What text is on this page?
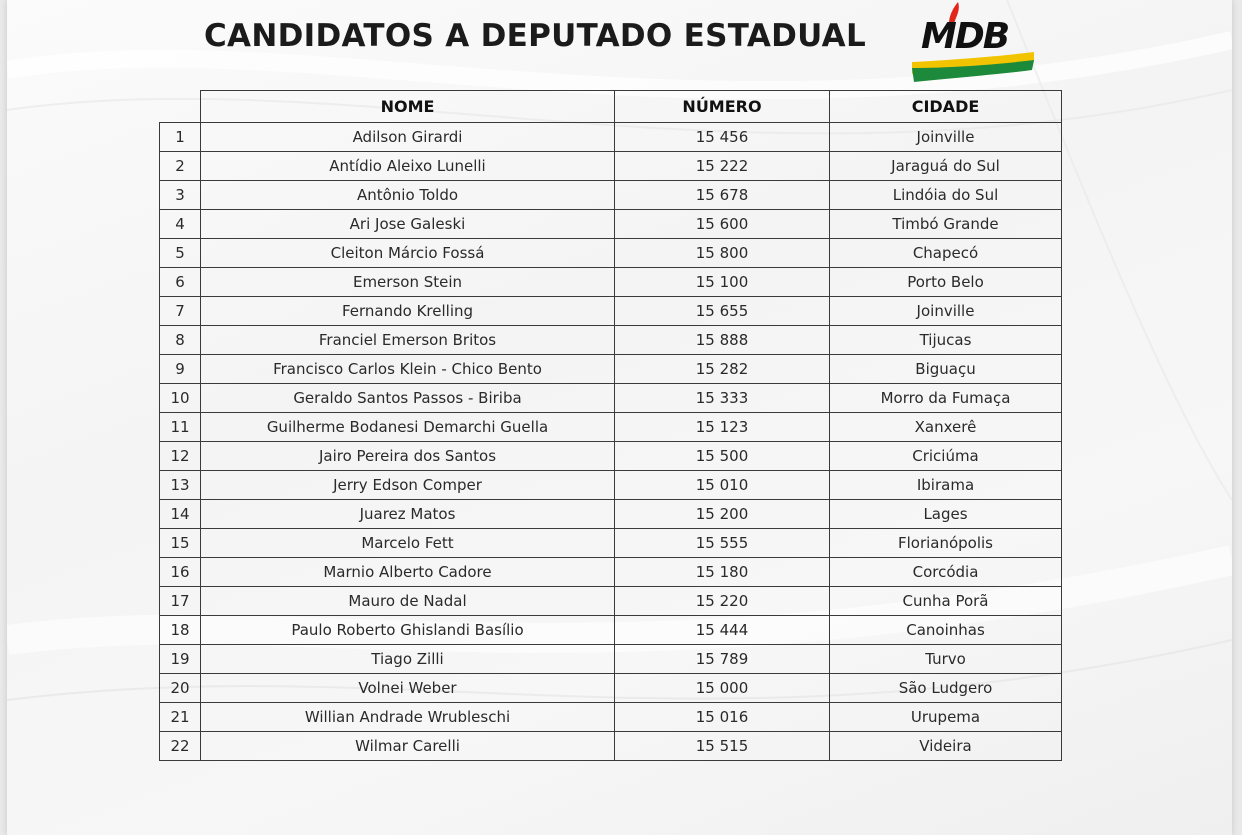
CANDIDATOS A DEPUTADO ESTADUAL MDB
	NOME	NÚMERO	CIDADE
1	Adilson Girardi	15 456	Joinville
2	Antídio Aleixo Lunelli	15 222	Jaraguá do Sul
3	Antônio Toldo	15 678	Lindóia do Sul
4	Ari Jose Galeski	15 600	Timbó Grande
5	Cleiton Márcio Fossá	15 800	Chapecó
6	Emerson Stein	15 100	Porto Belo
7	Fernando Krelling	15 655	Joinville
8	Franciel Emerson Britos	15 888	Tijucas
9	Francisco Carlos Klein - Chico Bento	15 282	Biguaçu
10	Geraldo Santos Passos - Biriba	15 333	Morro da Fumaça
11	Guilherme Bodanesi Demarchi Guella	15 123	Xanxerê
12	Jairo Pereira dos Santos	15 500	Criciúma
13	Jerry Edson Comper	15 010	Ibirama
14	Juarez Matos	15 200	Lages
15	Marcelo Fett	15 555	Florianópolis
16	Marnio Alberto Cadore	15 180	Corcódia
17	Mauro de Nadal	15 220	Cunha Porã
18	Paulo Roberto Ghislandi Basílio	15 444	Canoinhas
19	Tiago Zilli	15 789	Turvo
20	Volnei Weber	15 000	São Ludgero
21	Willian Andrade Wrubleschi	15 016	Urupema
22	Wilmar Carelli	15 515	Videira
